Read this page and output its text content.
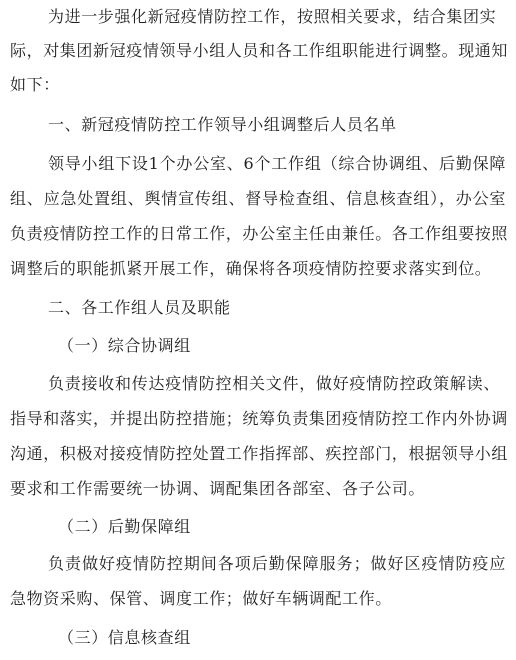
为进一步强化新冠疫情防控工作，按照相关要求，结合集团实
际，对集团新冠疫情领导小组人员和各工作组职能进行调整。现通知
如下：
一、新冠疫情防控工作领导小组调整后人员名单
领导小组下设1个办公室、6个工作组（综合协调组、后勤保障
组、应急处置组、舆情宣传组、督导检查组、信息核查组），办公室
负责疫情防控工作的日常工作，办公室主任由兼任。各工作组要按照
调整后的职能抓紧开展工作，确保将各项疫情防控要求落实到位。
二、各工作组人员及职能
（一）综合协调组
负责接收和传达疫情防控相关文件，做好疫情防控政策解读、
指导和落实，并提出防控措施；统筹负责集团疫情防控工作内外协调
沟通，积极对接疫情防控处置工作指挥部、疾控部门，根据领导小组
要求和工作需要统一协调、调配集团各部室、各子公司。
（二）后勤保障组
负责做好疫情防控期间各项后勤保障服务；做好区疫情防疫应
急物资采购、保管、调度工作；做好车辆调配工作。
（三）信息核查组
